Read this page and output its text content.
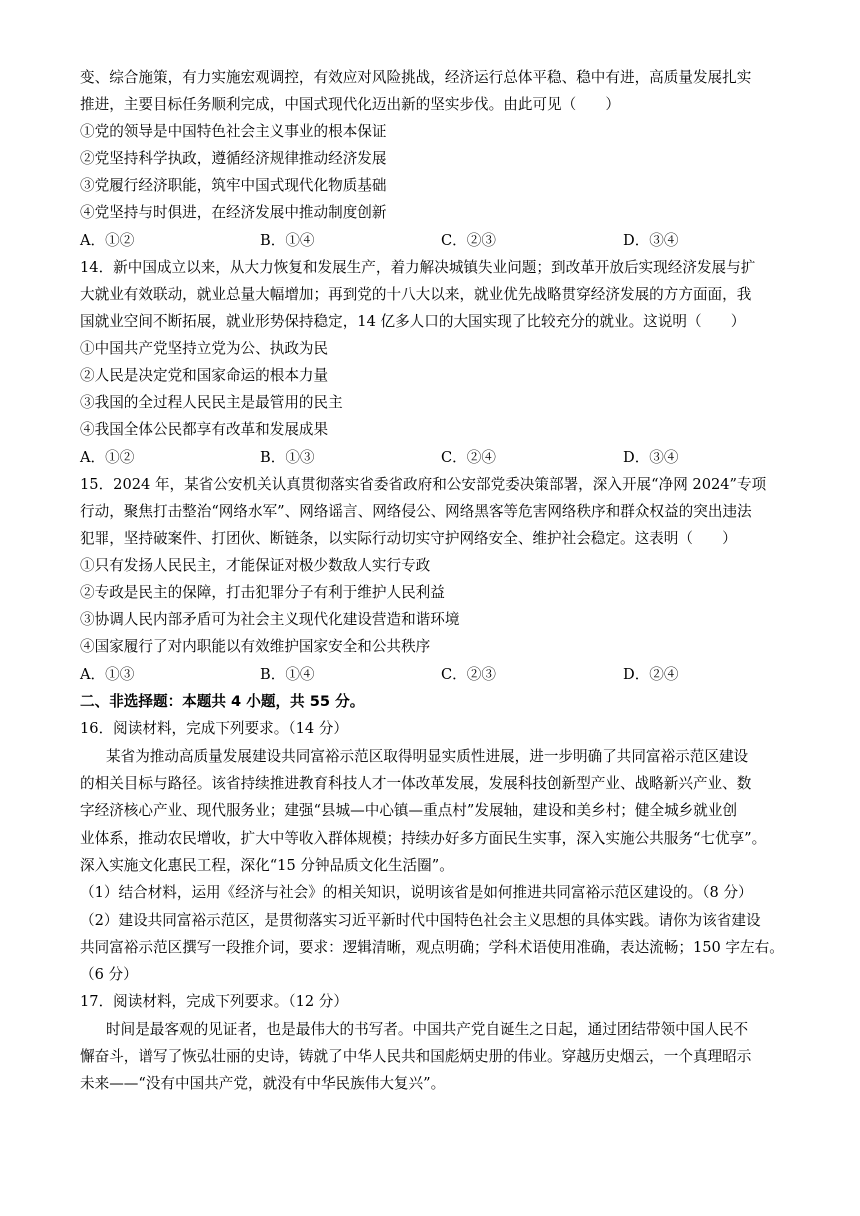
变、综合施策，有力实施宏观调控，有效应对风险挑战，经济运行总体平稳、稳中有进，高质量发展扎实
推进，主要目标任务顺利完成，中国式现代化迈出新的坚实步伐。由此可见（　　）
①党的领导是中国特色社会主义事业的根本保证
②党坚持科学执政，遵循经济规律推动经济发展
③党履行经济职能，筑牢中国式现代化物质基础
④党坚持与时俱进，在经济发展中推动制度创新
A．①②	B．①④	C．②③	D．③④
14．新中国成立以来，从大力恢复和发展生产，着力解决城镇失业问题；到改革开放后实现经济发展与扩
大就业有效联动，就业总量大幅增加；再到党的十八大以来，就业优先战略贯穿经济发展的方方面面，我
国就业空间不断拓展，就业形势保持稳定，14 亿多人口的大国实现了比较充分的就业。这说明（　　）
①中国共产党坚持立党为公、执政为民
②人民是决定党和国家命运的根本力量
③我国的全过程人民民主是最管用的民主
④我国全体公民都享有改革和发展成果
A．①②	B．①③	C．②④	D．③④
15．2024 年，某省公安机关认真贯彻落实省委省政府和公安部党委决策部署，深入开展“净网 2024”专项
行动，聚焦打击整治“网络水军”、网络谣言、网络侵公、网络黑客等危害网络秩序和群众权益的突出违法
犯罪，坚持破案件、打团伙、断链条，以实际行动切实守护网络安全、维护社会稳定。这表明（　　）
①只有发扬人民民主，才能保证对极少数敌人实行专政
②专政是民主的保障，打击犯罪分子有利于维护人民利益
③协调人民内部矛盾可为社会主义现代化建设营造和谐环境
④国家履行了对内职能以有效维护国家安全和公共秩序
A．①③	B．①④	C．②③	D．②④
二、非选择题：本题共 4 小题，共 55 分。
16．阅读材料，完成下列要求。（14 分）
某省为推动高质量发展建设共同富裕示范区取得明显实质性进展，进一步明确了共同富裕示范区建设
的相关目标与路径。该省持续推进教育科技人才一体改革发展，发展科技创新型产业、战略新兴产业、数
字经济核心产业、现代服务业；建强“县城—中心镇—重点村”发展轴，建设和美乡村；健全城乡就业创
业体系，推动农民增收，扩大中等收入群体规模；持续办好多方面民生实事，深入实施公共服务“七优享”。
深入实施文化惠民工程，深化“15 分钟品质文化生活圈”。
（1）结合材料，运用《经济与社会》的相关知识，说明该省是如何推进共同富裕示范区建设的。（8 分）
（2）建设共同富裕示范区，是贯彻落实习近平新时代中国特色社会主义思想的具体实践。请你为该省建设
共同富裕示范区撰写一段推介词，要求：逻辑清晰，观点明确；学科术语使用准确，表达流畅；150 字左右。
（6 分）
17．阅读材料，完成下列要求。（12 分）
时间是最客观的见证者，也是最伟大的书写者。中国共产党自诞生之日起，通过团结带领中国人民不
懈奋斗，谱写了恢弘壮丽的史诗，铸就了中华人民共和国彪炳史册的伟业。穿越历史烟云，一个真理昭示
未来——“没有中国共产党，就没有中华民族伟大复兴”。
